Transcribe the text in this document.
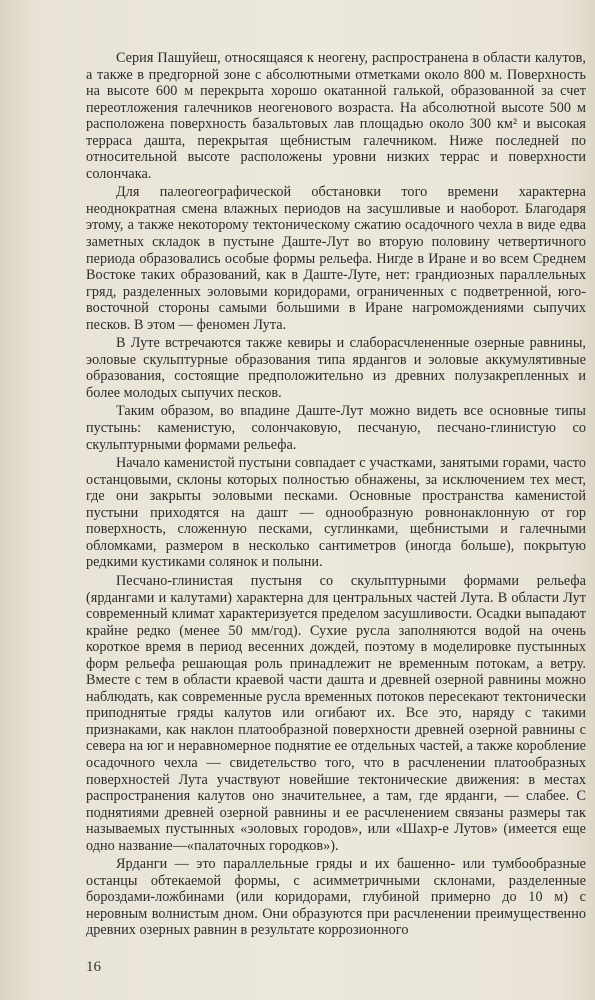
Серия Пашуйеш, относящаяся к неогену, распространена в области калутов, а также в предгорной зоне с абсолютными отметками около 800 м. Поверхность на высоте 600 м перекрыта хорошо окатанной галькой, образованной за счет переотложения галечников неогенового возраста. На абсолютной высоте 500 м расположена поверхность базальтовых лав площадью около 300 км² и высокая терраса дашта, перекрытая щебнистым галечником. Ниже последней по относительной высоте расположены уровни низких террас и поверхности солончака.

Для палеогеографической обстановки того времени характерна неоднократная смена влажных периодов на засушливые и наоборот. Благодаря этому, а также некоторому тектоническому сжатию осадочного чехла в виде едва заметных складок в пустыне Даште-Лут во вторую половину четвертичного периода образовались особые формы рельефа. Нигде в Иране и во всем Среднем Востоке таких образований, как в Даште-Луте, нет: грандиозных параллельных гряд, разделенных эоловыми коридорами, ограниченных с подветренной, юго-восточной стороны самыми большими в Иране нагромождениями сыпучих песков. В этом — феномен Лута.

В Луте встречаются также кевиры и слаборасчлененные озерные равнины, эоловые скульптурные образования типа ярдангов и эоловые аккумулятивные образования, состоящие предположительно из древних полузакрепленных и более молодых сыпучих песков.

Таким образом, во впадине Даште-Лут можно видеть все основные типы пустынь: каменистую, солончаковую, песчаную, песчано-глинистую со скульптурными формами рельефа.

Начало каменистой пустыни совпадает с участками, занятыми горами, часто останцовыми, склоны которых полностью обнажены, за исключением тех мест, где они закрыты эоловыми песками. Основные пространства каменистой пустыни приходятся на дашт — однообразную ровнонаклонную от гор поверхность, сложенную песками, суглинками, щебнистыми и галечными обломками, размером в несколько сантиметров (иногда больше), покрытую редкими кустиками солянок и полыни.

Песчано-глинистая пустыня со скульптурными формами рельефа (ярдангами и калутами) характерна для центральных частей Лута. В области Лут современный климат характеризуется пределом засушливости. Осадки выпадают крайне редко (менее 50 мм/год). Сухие русла заполняются водой на очень короткое время в период весенних дождей, поэтому в моделировке пустынных форм рельефа решающая роль принадлежит не временным потокам, а ветру. Вместе с тем в области краевой части дашта и древней озерной равнины можно наблюдать, как современные русла временных потоков пересекают тектонически приподнятые гряды калутов или огибают их. Все это, наряду с такими признаками, как наклон платообразной поверхности древней озерной равнины с севера на юг и неравномерное поднятие ее отдельных частей, а также коробление осадочного чехла — свидетельство того, что в расчленении платообразных поверхностей Лута участвуют новейшие тектонические движения: в местах распространения калутов оно значительнее, а там, где ярданги, — слабее. С поднятиями древней озерной равнины и ее расчленением связаны размеры так называемых пустынных «эоловых городов», или «Шахр-е Лутов» (имеется еще одно название—«палаточных городков»).

Ярданги — это параллельные гряды и их башенно- или тумбообразные останцы обтекаемой формы, с асимметричными склонами, разделенные бороздами-ложбинами (или коридорами, глубиной примерно до 10 м) с неровным волнистым дном. Они образуются при расчленении преимущественно древних озерных равнин в результате коррозионного

16
